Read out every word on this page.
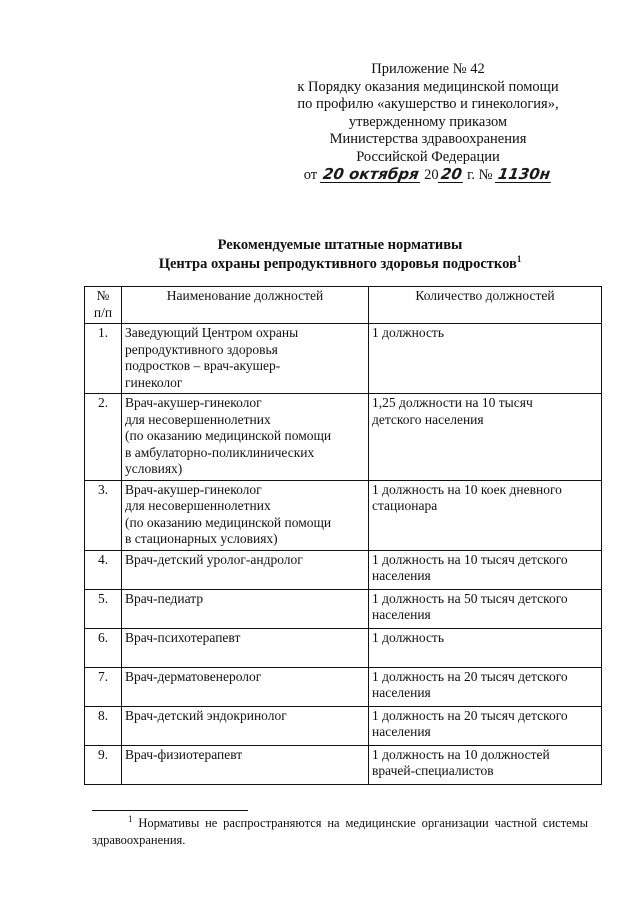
Приложение № 42
к Порядку оказания медицинской помощи
по профилю «акушерство и гинекология»,
утвержденному приказом
Министерства здравоохранения
Российской Федерации
от 20 октября 2020 г. № 1130н
Рекомендуемые штатные нормативы
Центра охраны репродуктивного здоровья подростков$^1$
№
п/п	Наименование должностей	Количество должностей
1.	Заведующий Центром охраны
репродуктивного здоровья
подростков – врач-акушер-
гинеколог	1 должность
2.	Врач-акушер-гинеколог
для несовершеннолетних
(по оказанию медицинской помощи
в амбулаторно-поликлинических
условиях)	1,25 должности на 10 тысяч
детского населения
3.	Врач-акушер-гинеколог
для несовершеннолетних
(по оказанию медицинской помощи
в стационарных условиях)	1 должность на 10 коек дневного
стационара
4.	Врач-детский уролог-андролог	1 должность на 10 тысяч детского
населения
5.	Врач-педиатр	1 должность на 50 тысяч детского
населения
6.	Врач-психотерапевт	1 должность
7.	Врач-дерматовенеролог	1 должность на 20 тысяч детского
населения
8.	Врач-детский эндокринолог	1 должность на 20 тысяч детского
населения
9.	Врач-физиотерапевт	1 должность на 10 должностей
врачей-специалистов
$^1$ Нормативы не распространяются на медицинские организации частной системы здравоохранения.
